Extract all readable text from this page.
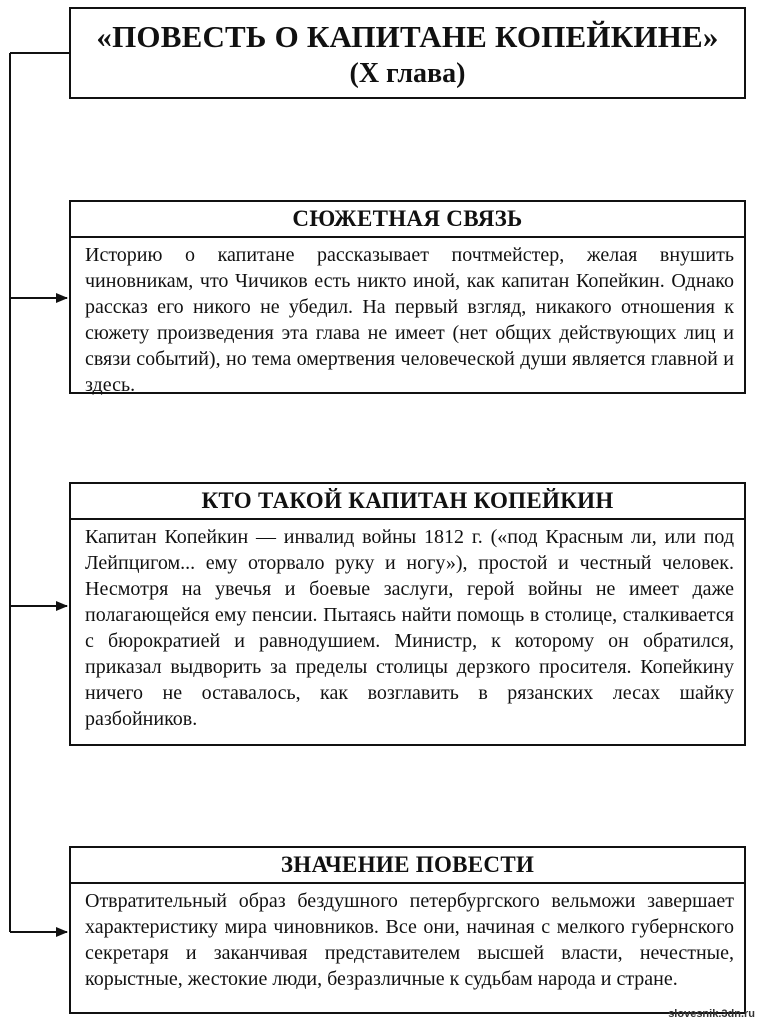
«ПОВЕСТЬ О КАПИТАНЕ КОПЕЙКИНЕ»
(X глава)
СЮЖЕТНАЯ СВЯЗЬ
Историю о капитане рассказывает почтмейстер, желая внушить чиновникам, что Чичиков есть никто иной, как капитан Копейкин. Однако рассказ его никого не убедил. На первый взгляд, никакого отношения к сюжету произведения эта глава не имеет (нет общих действующих лиц и связи событий), но тема омертвения человеческой души является главной и здесь.
КТО ТАКОЙ КАПИТАН КОПЕЙКИН
Капитан Копейкин — инвалид войны 1812 г. («под Красным ли, или под Лейпцигом... ему оторвало руку и ногу»), простой и честный человек. Несмотря на увечья и боевые заслуги, герой войны не имеет даже полагающейся ему пенсии. Пытаясь найти помощь в столице, сталкивается с бюрократией и равнодушием. Министр, к которому он обратился, приказал выдворить за пределы столицы дерзкого просителя. Копейкину ничего не оставалось, как возглавить в рязанских лесах шайку разбойников.
ЗНАЧЕНИЕ ПОВЕСТИ
Отвратительный образ бездушного петербургского вельможи завершает характеристику мира чиновников. Все они, начиная с мелкого губернского секретаря и заканчивая представителем высшей власти, нечестные, корыстные, жестокие люди, безразличные к судьбам народа и стране.
slovesnik.3dn.ru
